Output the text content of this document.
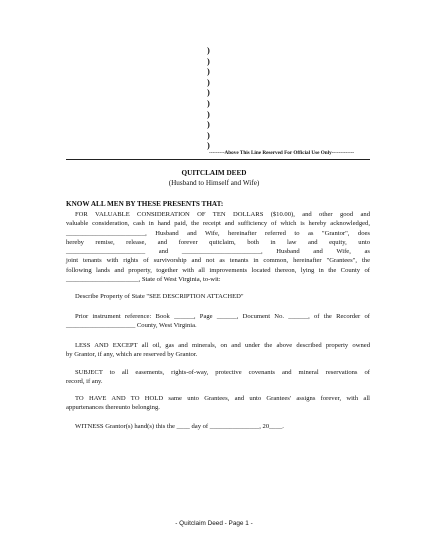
)
)
)
)
)
)
)
)
)
)
---------Above This Line Reserved For Official Use Only-------------
QUITCLAIM DEED
(Husband to Himself and Wife)
KNOW ALL MEN BY THESE PRESENTS THAT:
FOR VALUABLE CONSIDERATION OF TEN DOLLARS ($10.00), and other good and
valuable consideration, cash in hand paid, the receipt and sufficiency of which is hereby acknowledged,
________________________, Husband and Wife, hereinafter referred to as "Grantor", does
hereby remise, release, and forever quitclaim, both in law and equity, unto
________________________ and ________________________, Husband and Wife, as
joint tenants with rights of survivorship and not as tenants in common, hereinafter "Grantees", the
following lands and property, together with all improvements located thereon, lying in the County of
______________________, State of West Virginia, to-wit:
Describe Property of State "SEE DESCRIPTION ATTACHED"
Prior instrument reference: Book ______, Page ______, Document No. ______, of the Recorder of
_____________________ County, West Virginia.
LESS AND EXCEPT all oil, gas and minerals, on and under the above described property owned
by Grantor, if any, which are reserved by Grantor.
SUBJECT to all easements, rights-of-way, protective covenants and mineral reservations of
record, if any.
TO HAVE AND TO HOLD same unto Grantees, and unto Grantees' assigns forever, with all
appurtenances thereunto belonging.
WITNESS Grantor(s) hand(s) this the ____ day of _______________, 20____.
- Quitclaim Deed - Page 1 -
